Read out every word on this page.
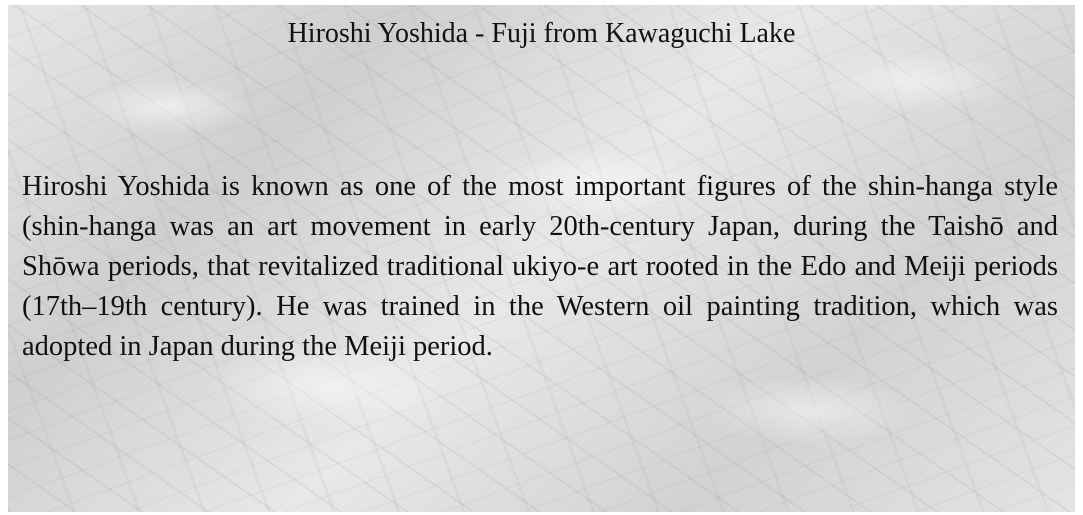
Hiroshi Yoshida - Fuji from Kawaguchi Lake

Hiroshi Yoshida is known as one of the most important figures of the shin-hanga style (shin-hanga was an art movement in early 20th-century Japan, during the Taishō and Shōwa periods, that revitalized traditional ukiyo-e art rooted in the Edo and Meiji periods (17th–19th century). He was trained in the Western oil painting tradition, which was adopted in Japan during the Meiji period.
